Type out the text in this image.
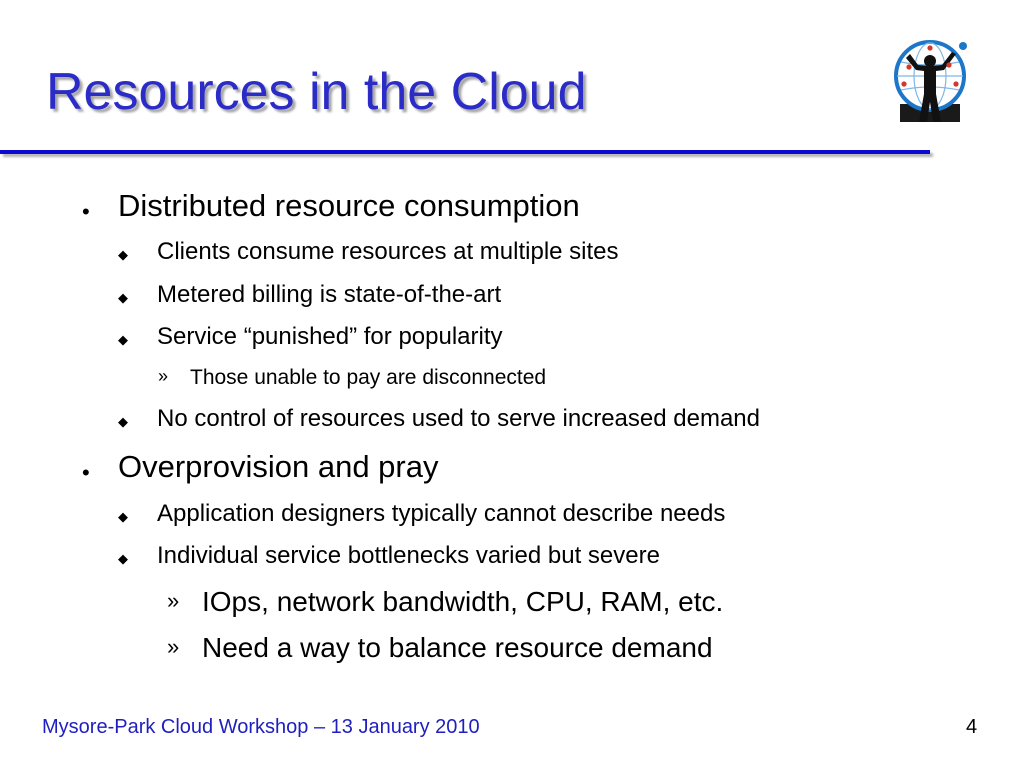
Resources in the Cloud
• Distributed resource consumption
◆ Clients consume resources at multiple sites
◆ Metered billing is state-of-the-art
◆ Service “punished” for popularity
» Those unable to pay are disconnected
◆ No control of resources used to serve increased demand
• Overprovision and pray
◆ Application designers typically cannot describe needs
◆ Individual service bottlenecks varied but severe
» IOps, network bandwidth, CPU, RAM, etc.
» Need a way to balance resource demand
Mysore-Park Cloud Workshop – 13 January 2010	4
